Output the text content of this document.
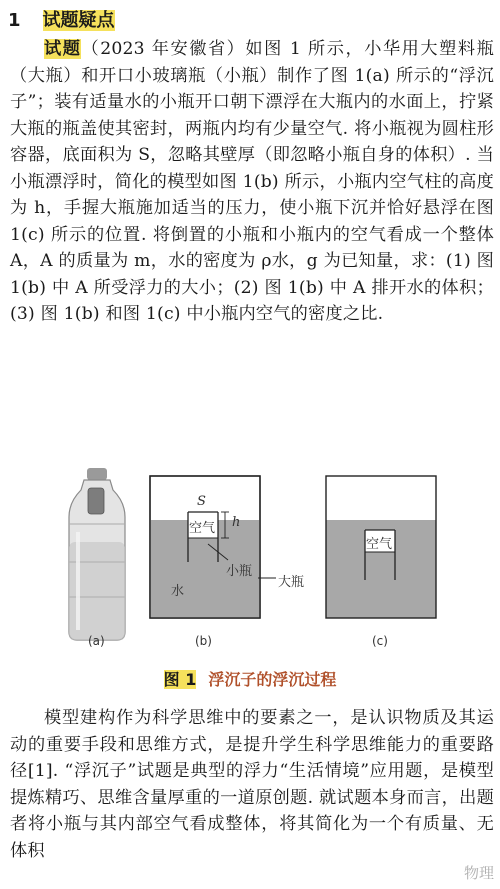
1 试题疑点
试题（2023 年安徽省）如图 1 所示，小华用大塑料瓶（大瓶）和开口小玻璃瓶（小瓶）制作了图 1(a) 所示的“浮沉子”；装有适量水的小瓶开口朝下漂浮在大瓶内的水面上，拧紧大瓶的瓶盖使其密封，两瓶内均有少量空气. 将小瓶视为圆柱形容器，底面积为 S，忽略其壁厚（即忽略小瓶自身的体积）. 当小瓶漂浮时，简化的模型如图 1(b) 所示，小瓶内空气柱的高度为 h，手握大瓶施加适当的压力，使小瓶下沉并恰好悬浮在图 1(c) 所示的位置. 将倒置的小瓶和小瓶内的空气看成一个整体 A，A 的质量为 m，水的密度为 ρ水，g 为已知量，求：(1) 图 1(b) 中 A 所受浮力的大小；(2) 图 1(b) 中 A 排开水的体积；(3) 图 1(b) 和图 1(c) 中小瓶内空气的密度之比.
(a)	(b)	(c)
S
空气 h
小瓶
大瓶
水
空气
图 1 浮沉子的浮沉过程
模型建构作为科学思维中的要素之一，是认识物质及其运动的重要手段和思维方式，是提升学生科学思维能力的重要路径[1]. “浮沉子”试题是典型的浮力“生活情境”应用题，是模型提炼精巧、思维含量厚重的一道原创题. 就试题本身而言，出题者将小瓶与其内部空气看成整体，将其简化为一个有质量、无体积
物理
